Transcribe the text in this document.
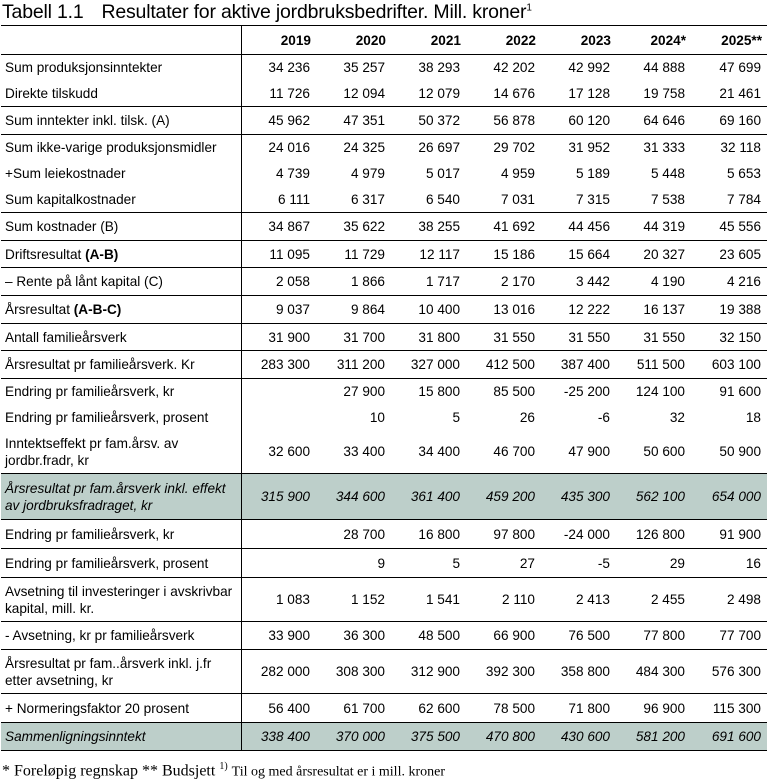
Tabell 1.1 Resultater for aktive jordbruksbedrifter. Mill. kroner$^1$
	2019	2020	2021	2022	2023	2024*	2025**
Sum produksjonsinntekter	34 236	35 257	38 293	42 202	42 992	44 888	47 699
Direkte tilskudd	11 726	12 094	12 079	14 676	17 128	19 758	21 461
Sum inntekter inkl. tilsk. (A)	45 962	47 351	50 372	56 878	60 120	64 646	69 160
Sum ikke-varige produksjonsmidler	24 016	24 325	26 697	29 702	31 952	31 333	32 118
+Sum leiekostnader	4 739	4 979	5 017	4 959	5 189	5 448	5 653
Sum kapitalkostnader	6 111	6 317	6 540	7 031	7 315	7 538	7 784
Sum kostnader (B)	34 867	35 622	38 255	41 692	44 456	44 319	45 556
Driftsresultat (A-B)	11 095	11 729	12 117	15 186	15 664	20 327	23 605
– Rente på lånt kapital (C)	2 058	1 866	1 717	2 170	3 442	4 190	4 216
Årsresultat (A-B-C)	9 037	9 864	10 400	13 016	12 222	16 137	19 388
Antall familieårsverk	31 900	31 700	31 800	31 550	31 550	31 550	32 150
Årsresultat pr familieårsverk. Kr	283 300	311 200	327 000	412 500	387 400	511 500	603 100
Endring pr familieårsverk, kr		27 900	15 800	85 500	-25 200	124 100	91 600
Endring pr familieårsverk, prosent		10	5	26	-6	32	18
Inntektseffekt pr fam.årsv. av jordbr.fradr, kr	32 600	33 400	34 400	46 700	47 900	50 600	50 900
Årsresultat pr fam.årsverk inkl. effekt av jordbruksfradraget, kr	315 900	344 600	361 400	459 200	435 300	562 100	654 000
Endring pr familieårsverk, kr		28 700	16 800	97 800	-24 000	126 800	91 900
Endring pr familieårsverk, prosent		9	5	27	-5	29	16
Avsetning til investeringer i avskrivbar kapital, mill. kr.	1 083	1 152	1 541	2 110	2 413	2 455	2 498
- Avsetning, kr pr familieårsverk	33 900	36 300	48 500	66 900	76 500	77 800	77 700
Årsresultat pr fam..årsverk inkl. j.fr etter avsetning, kr	282 000	308 300	312 900	392 300	358 800	484 300	576 300
+ Normeringsfaktor 20 prosent	56 400	61 700	62 600	78 500	71 800	96 900	115 300
Sammenligningsinntekt	338 400	370 000	375 500	470 800	430 600	581 200	691 600
* Foreløpig regnskap ** Budsjett $^{1)}$ Til og med årsresultat er i mill. kroner
